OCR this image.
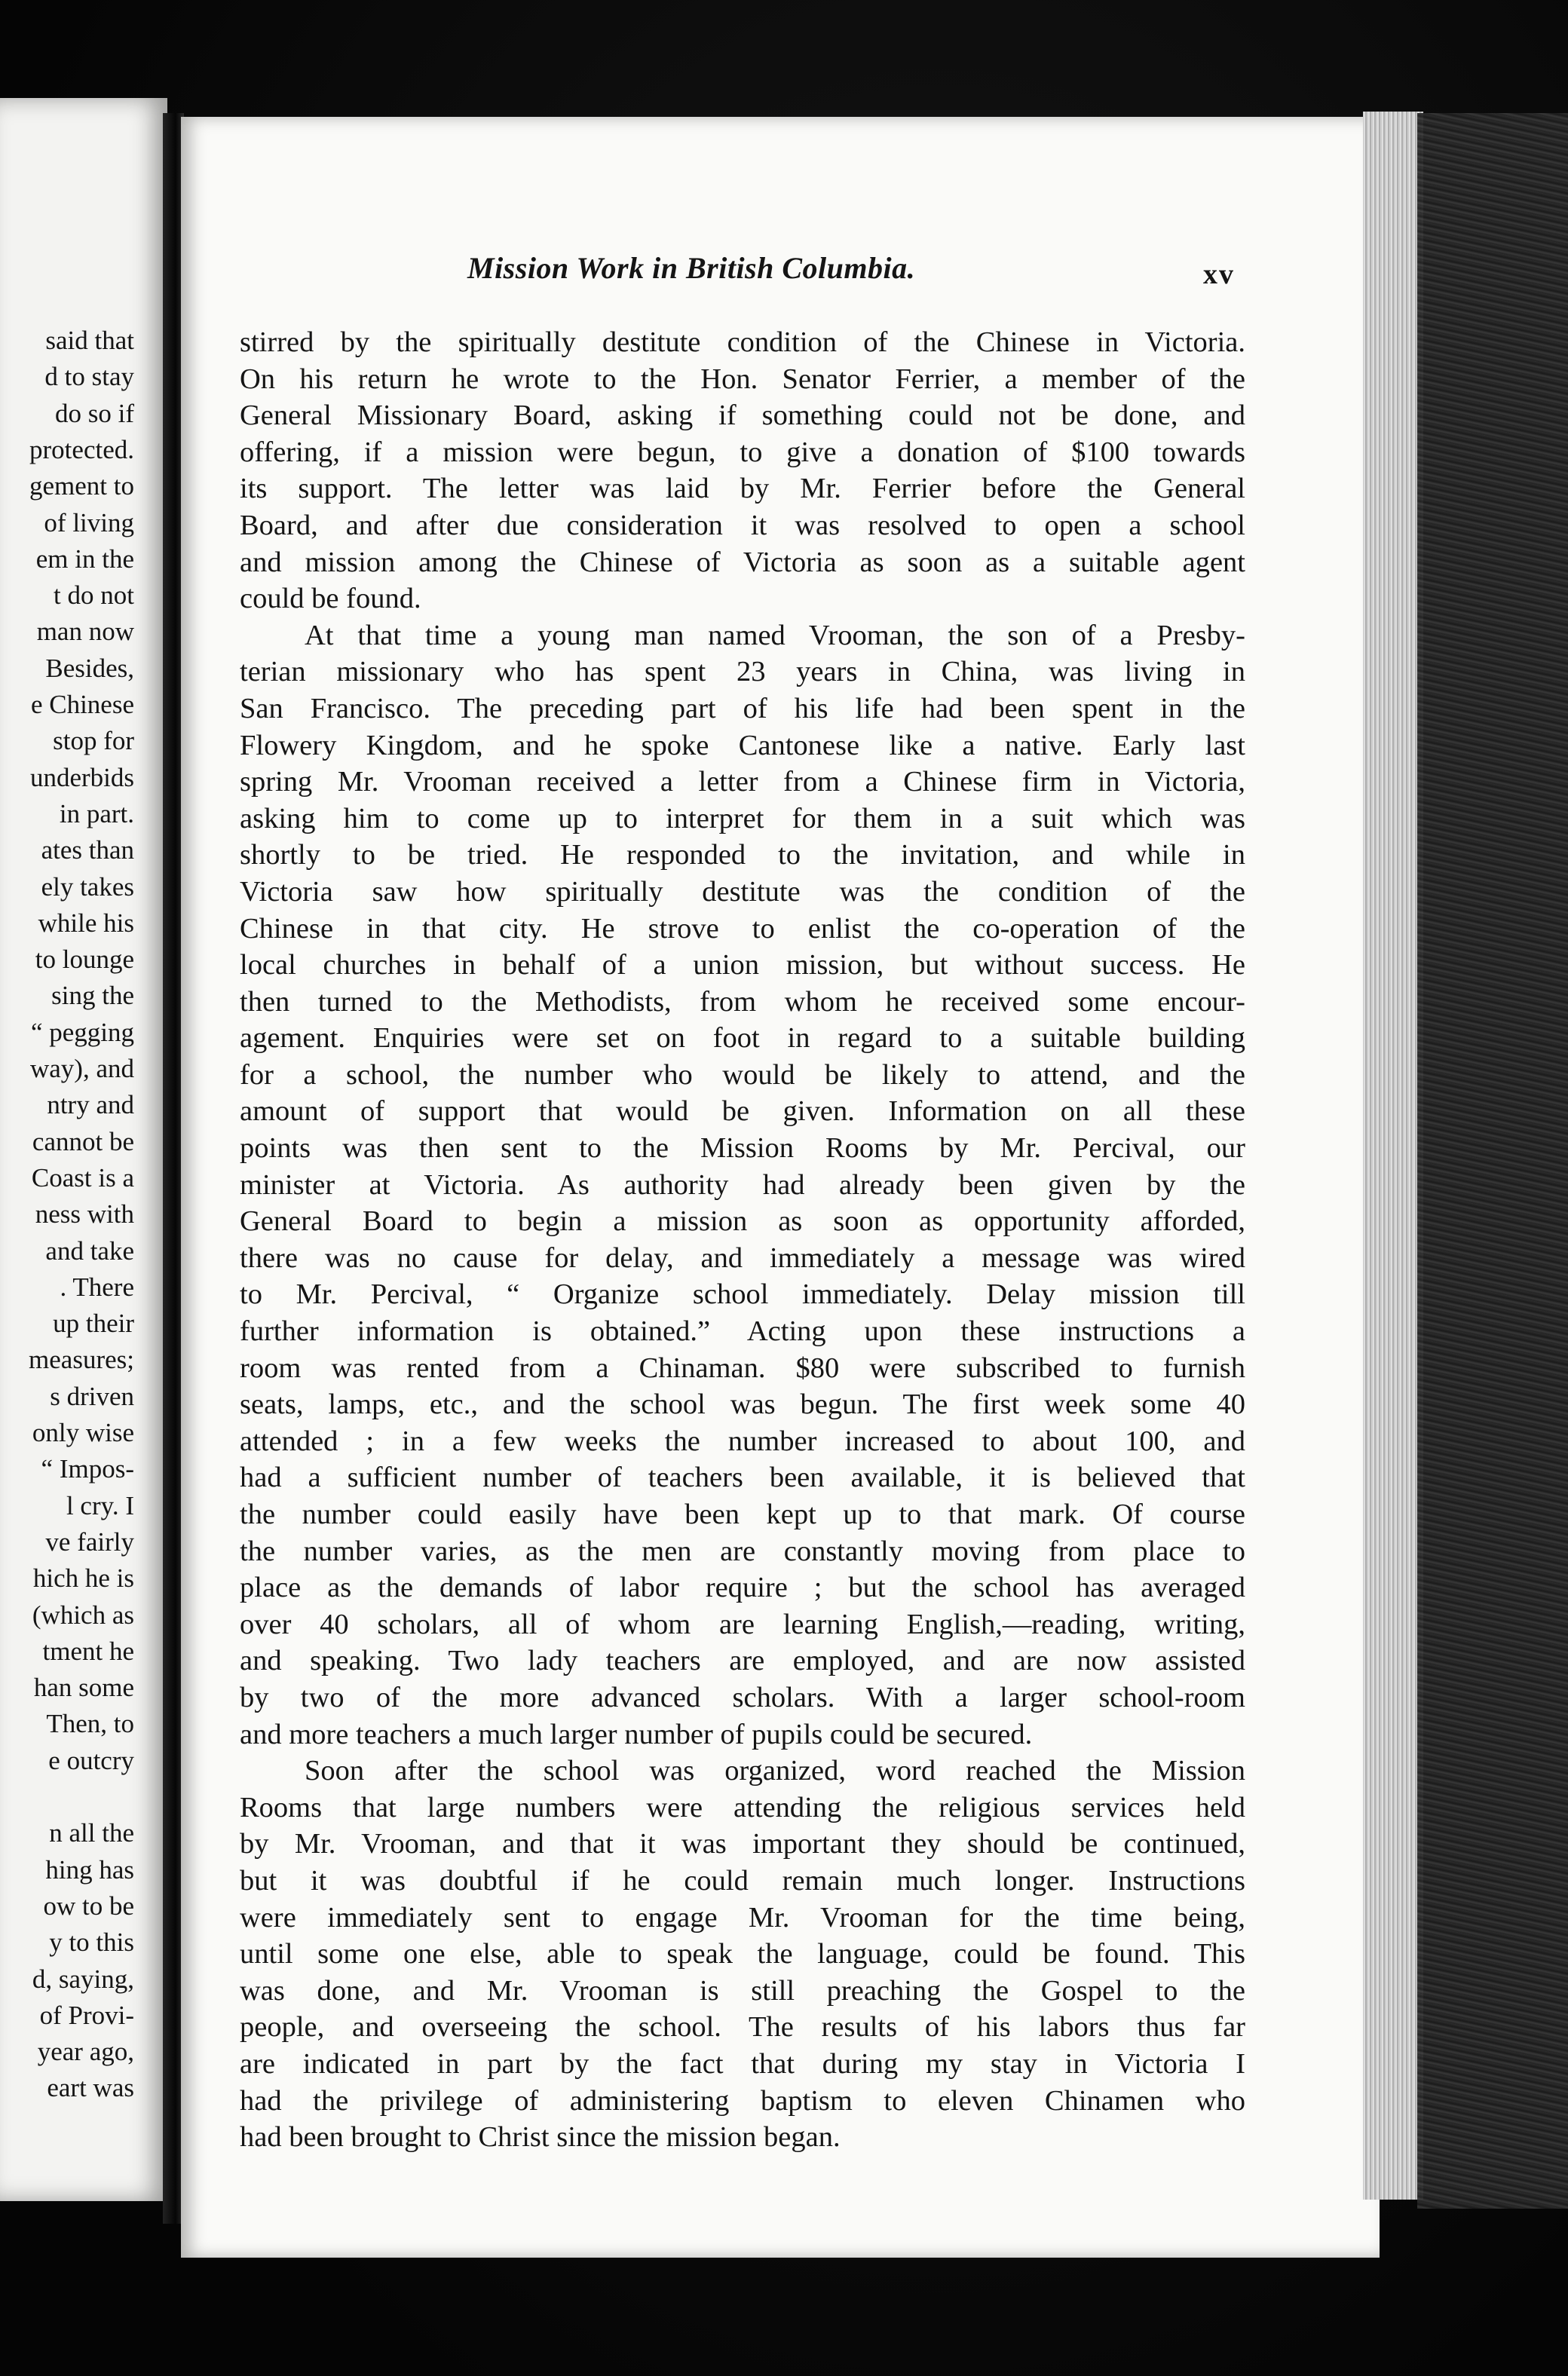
said that
d to stay
do so if
protected.
gement to
of living
em in the
t do not
man now
Besides,
e Chinese
stop for
underbids
in part.
ates than
ely takes
while his
to lounge
sing the
“ pegging
way), and
ntry and
cannot be
Coast is a
ness with
and take
. There
up their
measures;
s driven
only wise
“ Impos-
l cry. I
ve fairly
hich he is
(which as
tment he
han some
Then, to
e outcry
n all the
hing has
ow to be
y to this
d, saying,
of Provi-
year ago,
eart was
Mission Work in British Columbia.	xv
stirred by the spiritually destitute condition of the Chinese in Victoria.
On his return he wrote to the Hon. Senator Ferrier, a member of the
General Missionary Board, asking if something could not be done, and
offering, if a mission were begun, to give a donation of $100 towards
its support. The letter was laid by Mr. Ferrier before the General
Board, and after due consideration it was resolved to open a school
and mission among the Chinese of Victoria as soon as a suitable agent
could be found.
At that time a young man named Vrooman, the son of a Presby-
terian missionary who has spent 23 years in China, was living in
San Francisco. The preceding part of his life had been spent in the
Flowery Kingdom, and he spoke Cantonese like a native. Early last
spring Mr. Vrooman received a letter from a Chinese firm in Victoria,
asking him to come up to interpret for them in a suit which was
shortly to be tried. He responded to the invitation, and while in
Victoria saw how spiritually destitute was the condition of the
Chinese in that city. He strove to enlist the co-operation of the
local churches in behalf of a union mission, but without success. He
then turned to the Methodists, from whom he received some encour-
agement. Enquiries were set on foot in regard to a suitable building
for a school, the number who would be likely to attend, and the
amount of support that would be given. Information on all these
points was then sent to the Mission Rooms by Mr. Percival, our
minister at Victoria. As authority had already been given by the
General Board to begin a mission as soon as opportunity afforded,
there was no cause for delay, and immediately a message was wired
to Mr. Percival, “ Organize school immediately. Delay mission till
further information is obtained.” Acting upon these instructions a
room was rented from a Chinaman. $80 were subscribed to furnish
seats, lamps, etc., and the school was begun. The first week some 40
attended ; in a few weeks the number increased to about 100, and
had a sufficient number of teachers been available, it is believed that
the number could easily have been kept up to that mark. Of course
the number varies, as the men are constantly moving from place to
place as the demands of labor require ; but the school has averaged
over 40 scholars, all of whom are learning English,—reading, writing,
and speaking. Two lady teachers are employed, and are now assisted
by two of the more advanced scholars. With a larger school-room
and more teachers a much larger number of pupils could be secured.
Soon after the school was organized, word reached the Mission
Rooms that large numbers were attending the religious services held
by Mr. Vrooman, and that it was important they should be continued,
but it was doubtful if he could remain much longer. Instructions
were immediately sent to engage Mr. Vrooman for the time being,
until some one else, able to speak the language, could be found. This
was done, and Mr. Vrooman is still preaching the Gospel to the
people, and overseeing the school. The results of his labors thus far
are indicated in part by the fact that during my stay in Victoria I
had the privilege of administering baptism to eleven Chinamen who
had been brought to Christ since the mission began.
